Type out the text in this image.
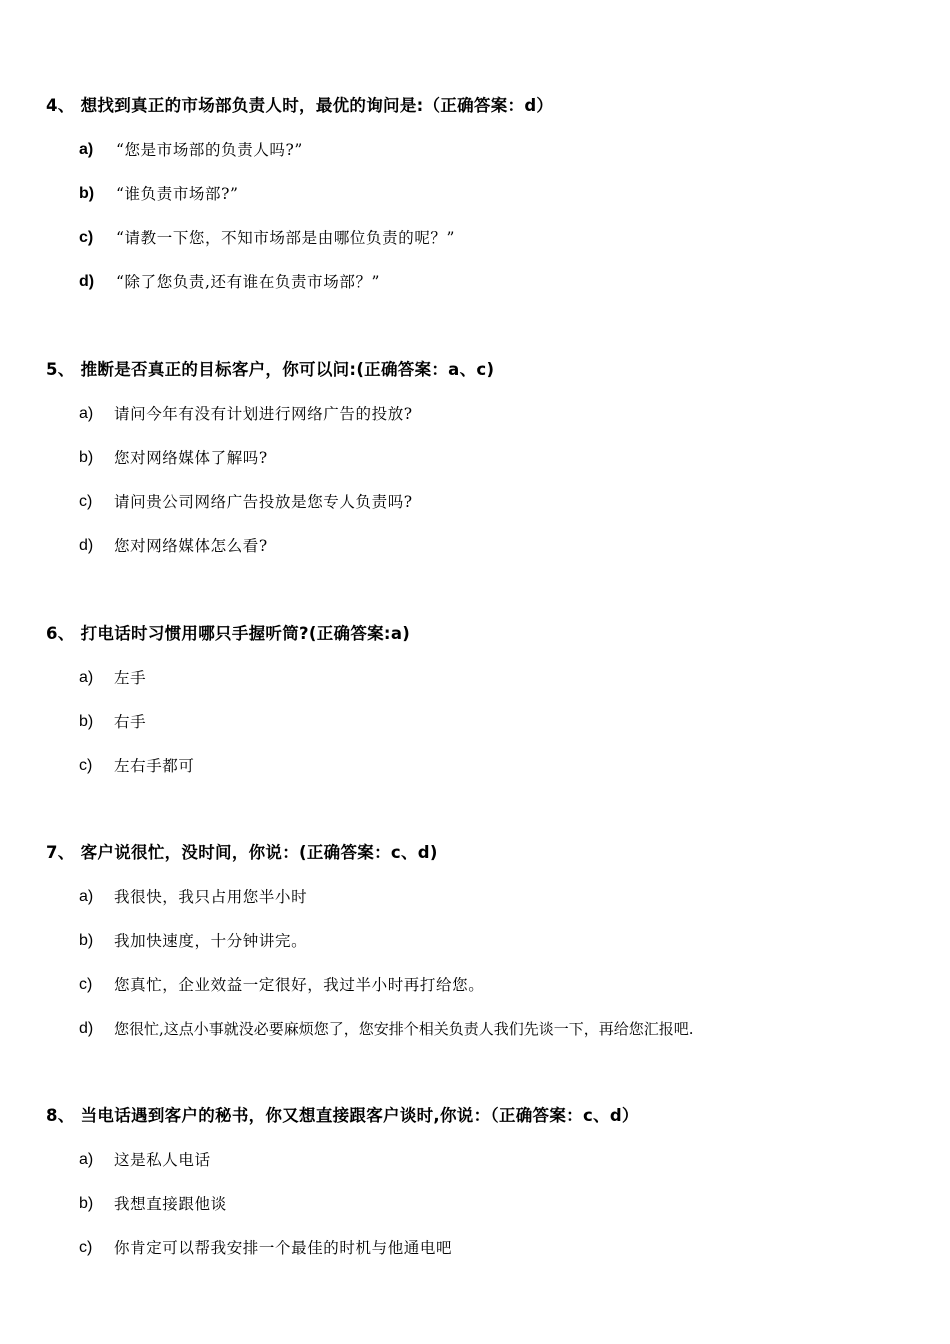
4、 想找到真正的市场部负责人时，最优的询问是:（正确答案：d）
a) “您是市场部的负责人吗?”
b) “谁负责市场部?”
c) “请教一下您，不知市场部是由哪位负责的呢？”
d) “除了您负责,还有谁在负责市场部？”
5、 推断是否真正的目标客户，你可以问:(正确答案：a、c)
a) 请问今年有没有计划进行网络广告的投放?
b) 您对网络媒体了解吗?
c) 请问贵公司网络广告投放是您专人负责吗?
d) 您对网络媒体怎么看?
6、 打电话时习惯用哪只手握听筒?(正确答案:a)
a) 左手
b) 右手
c) 左右手都可
7、 客户说很忙，没时间，你说：(正确答案：c、d)
a) 我很快，我只占用您半小时
b) 我加快速度，十分钟讲完。
c) 您真忙，企业效益一定很好，我过半小时再打给您。
d) 您很忙,这点小事就没必要麻烦您了，您安排个相关负责人我们先谈一下，再给您汇报吧.
8、 当电话遇到客户的秘书，你又想直接跟客户谈时,你说：（正确答案：c、d）
a) 这是私人电话
b) 我想直接跟他谈
c) 你肯定可以帮我安排一个最佳的时机与他通电吧
